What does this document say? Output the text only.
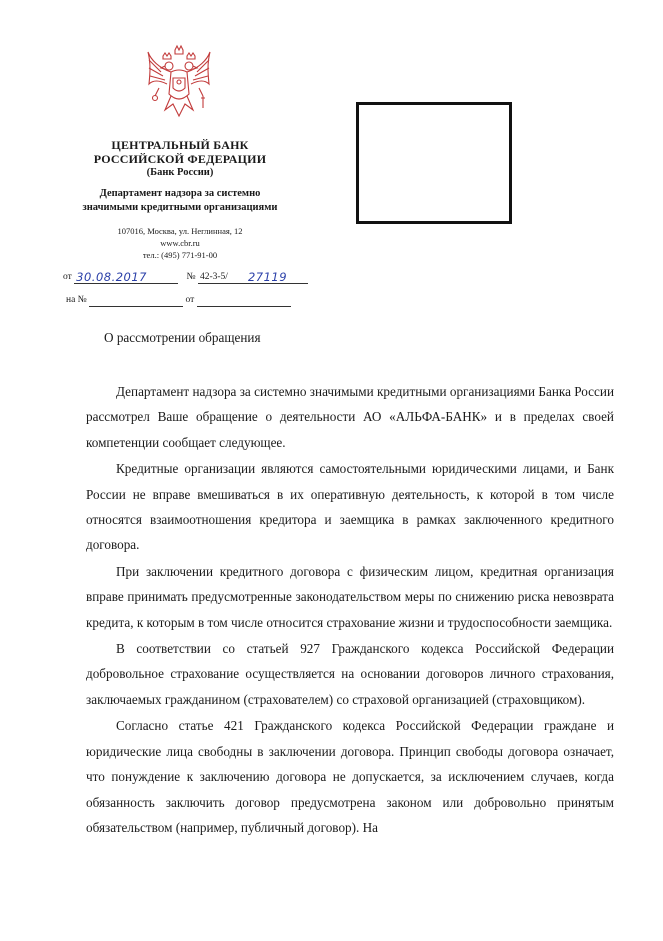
ЦЕНТРАЛЬНЫЙ БАНК
РОССИЙСКОЙ ФЕДЕРАЦИИ
(Банк России)
Департамент надзора за системно
значимыми кредитными организациями
107016, Москва, ул. Неглинная, 12
www.cbr.ru
тел.: (495) 771-91-00
от 30.08.2017	№ 42-3-5/ 27119
на №	от
О рассмотрении обращения

Департамент надзора за системно значимыми кредитными организациями Банка России рассмотрел Ваше обращение о деятельности АО «АЛЬФА-БАНК» и в пределах своей компетенции сообщает следующее.

Кредитные организации являются самостоятельными юридическими лицами, и Банк России не вправе вмешиваться в их оперативную деятельность, к которой в том числе относятся взаимоотношения кредитора и заемщика в рамках заключенного кредитного договора.

При заключении кредитного договора с физическим лицом, кредитная организация вправе принимать предусмотренные законодательством меры по снижению риска невозврата кредита, к которым в том числе относится страхование жизни и трудоспособности заемщика.

В соответствии со статьей 927 Гражданского кодекса Российской Федерации добровольное страхование осуществляется на основании договоров личного страхования, заключаемых гражданином (страхователем) со страховой организацией (страховщиком).

Согласно статье 421 Гражданского кодекса Российской Федерации граждане и юридические лица свободны в заключении договора. Принцип свободы договора означает, что понуждение к заключению договора не допускается, за исключением случаев, когда обязанность заключить договор предусмотрена законом или добровольно принятым обязательством (например, публичный договор). На
